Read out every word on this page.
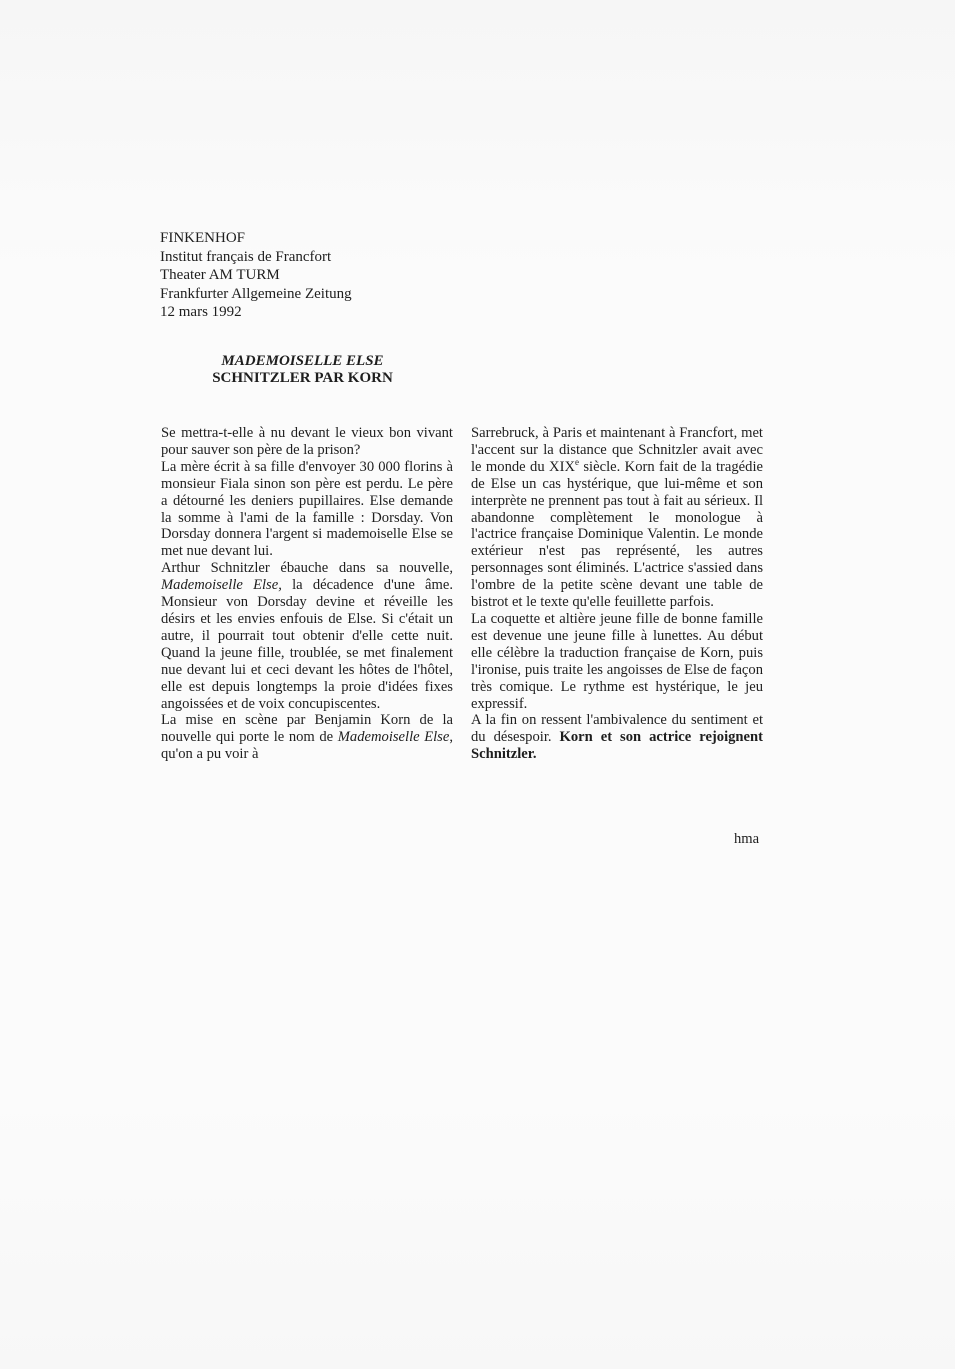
FINKENHOF
Institut français de Francfort
Theater AM TURM
Frankfurter Allgemeine Zeitung
12 mars 1992
MADEMOISELLE ELSE
SCHNITZLER PAR KORN

Se mettra-t-elle à nu devant le vieux bon vivant pour sauver son père de la prison?

La mère écrit à sa fille d'envoyer 30 000 florins à monsieur Fiala sinon son père est perdu. Le père a détourné les deniers pupillaires. Else demande la somme à l'ami de la famille : Dorsday. Von Dorsday donnera l'argent si mademoiselle Else se met nue devant lui.

Arthur Schnitzler ébauche dans sa nouvelle, Mademoiselle Else, la décadence d'une âme. Monsieur von Dorsday devine et réveille les désirs et les envies enfouis de Else. Si c'était un autre, il pourrait tout obtenir d'elle cette nuit. Quand la jeune fille, troublée, se met finalement nue devant lui et ceci devant les hôtes de l'hôtel, elle est depuis longtemps la proie d'idées fixes angoissées et de voix concupiscentes.

La mise en scène par Benjamin Korn de la nouvelle qui porte le nom de Mademoiselle Else, qu'on a pu voir à

Sarrebruck, à Paris et maintenant à Francfort, met l'accent sur la distance que Schnitzler avait avec le monde du XIXe siècle. Korn fait de la tragédie de Else un cas hystérique, que lui-même et son interprète ne prennent pas tout à fait au sérieux. Il abandonne complètement le monologue à l'actrice française Dominique Valentin. Le monde extérieur n'est pas représenté, les autres personnages sont éliminés. L'actrice s'assied dans l'ombre de la petite scène devant une table de bistrot et le texte qu'elle feuillette parfois.

La coquette et altière jeune fille de bonne famille est devenue une jeune fille à lunettes. Au début elle célèbre la traduction française de Korn, puis l'ironise, puis traite les angoisses de Else de façon très comique. Le rythme est hystérique, le jeu expressif.

A la fin on ressent l'ambivalence du sentiment et du désespoir. Korn et son actrice rejoignent Schnitzler.

hma
